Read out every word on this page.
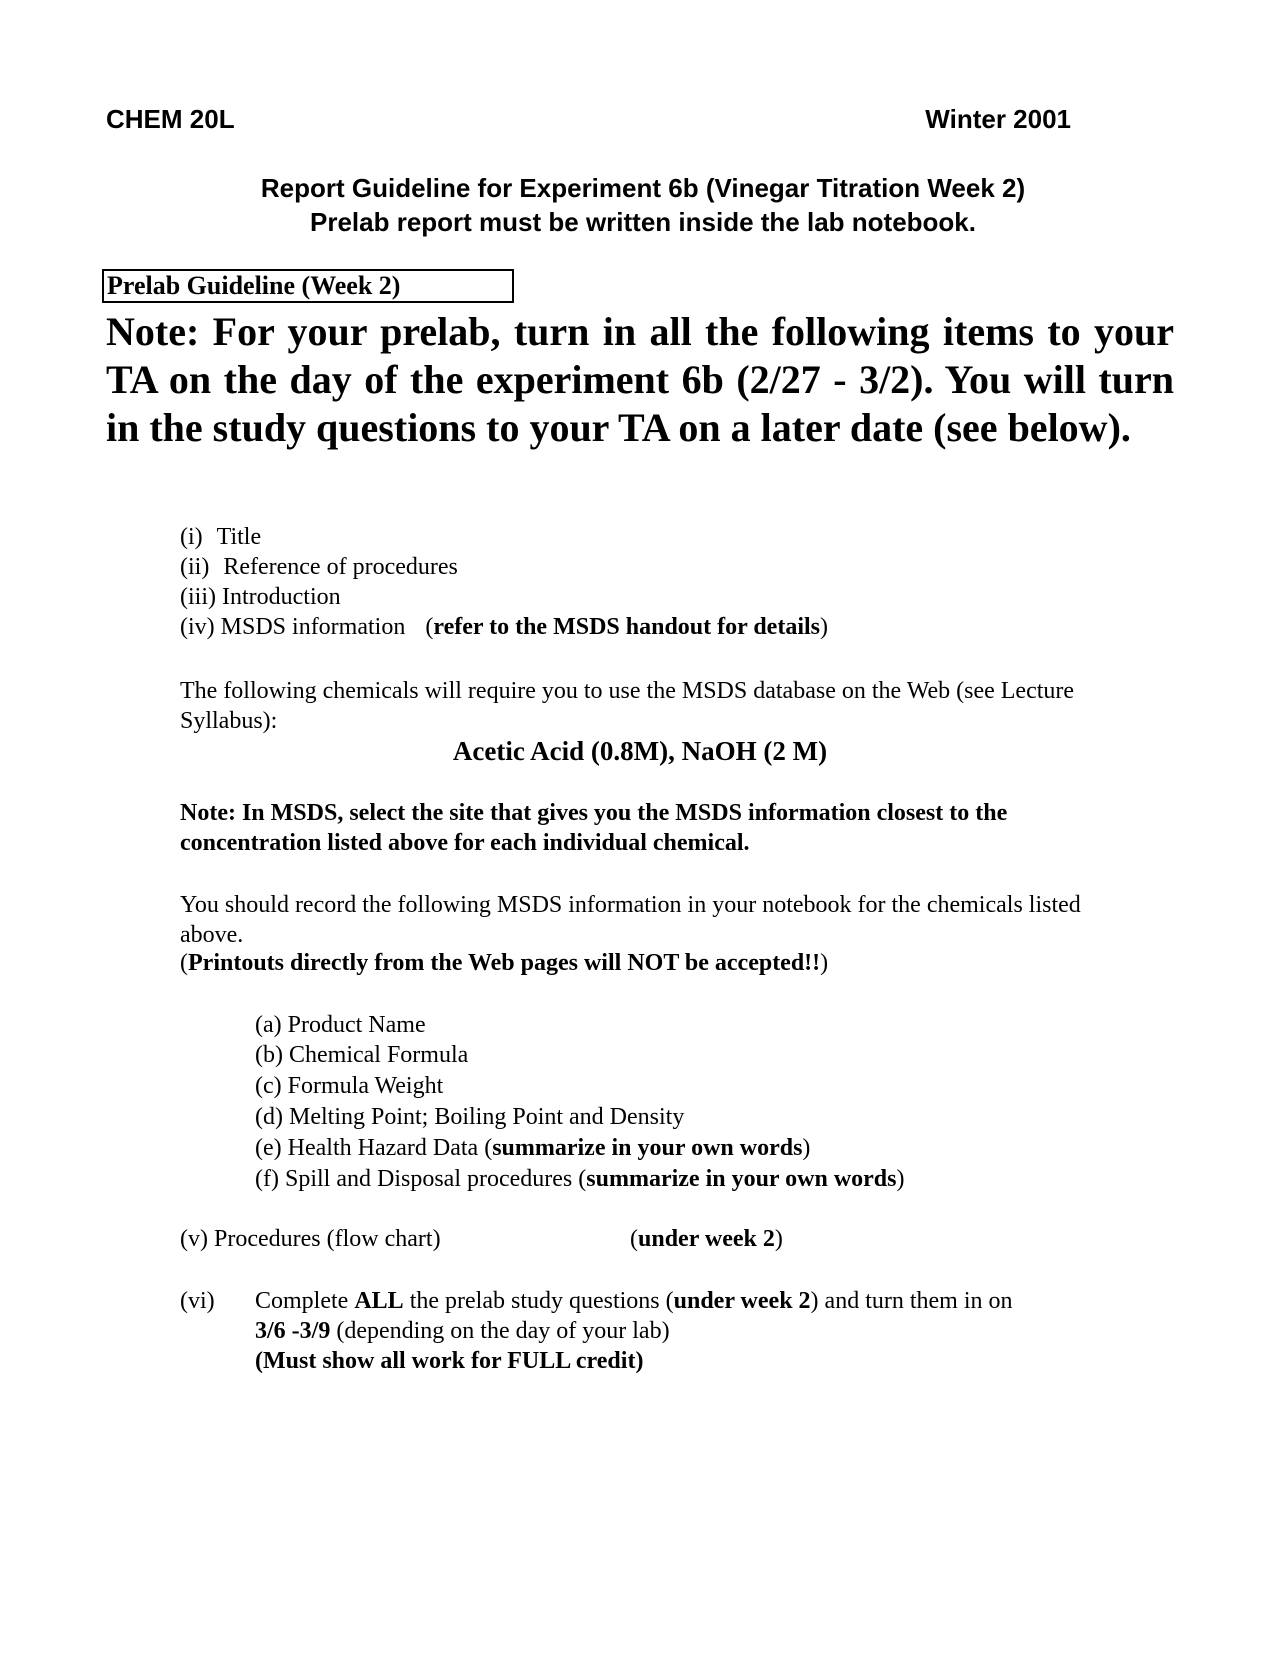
CHEM 20L	Winter 2001
Report Guideline for Experiment 6b (Vinegar Titration Week 2)
Prelab report must be written inside the lab notebook.
Prelab Guideline (Week 2)
Note: For your prelab, turn in all the following items to your TA on the day of the experiment 6b (2/27 - 3/2). You will turn in the study questions to your TA on a later date (see below).
(i) Title
(ii) Reference of procedures
(iii) Introduction
(iv) MSDS information (refer to the MSDS handout for details)
The following chemicals will require you to use the MSDS database on the Web (see Lecture Syllabus):
Acetic Acid (0.8M), NaOH (2 M)
Note: In MSDS, select the site that gives you the MSDS information closest to the concentration listed above for each individual chemical.
You should record the following MSDS information in your notebook for the chemicals listed above.
(Printouts directly from the Web pages will NOT be accepted!!)
(a) Product Name
(b) Chemical Formula
(c) Formula Weight
(d) Melting Point; Boiling Point and Density
(e) Health Hazard Data (summarize in your own words)
(f) Spill and Disposal procedures (summarize in your own words)
(v) Procedures (flow chart)	(under week 2)
(vi) Complete ALL the prelab study questions (under week 2) and turn them in on
3/6 -3/9 (depending on the day of your lab)
(Must show all work for FULL credit)
